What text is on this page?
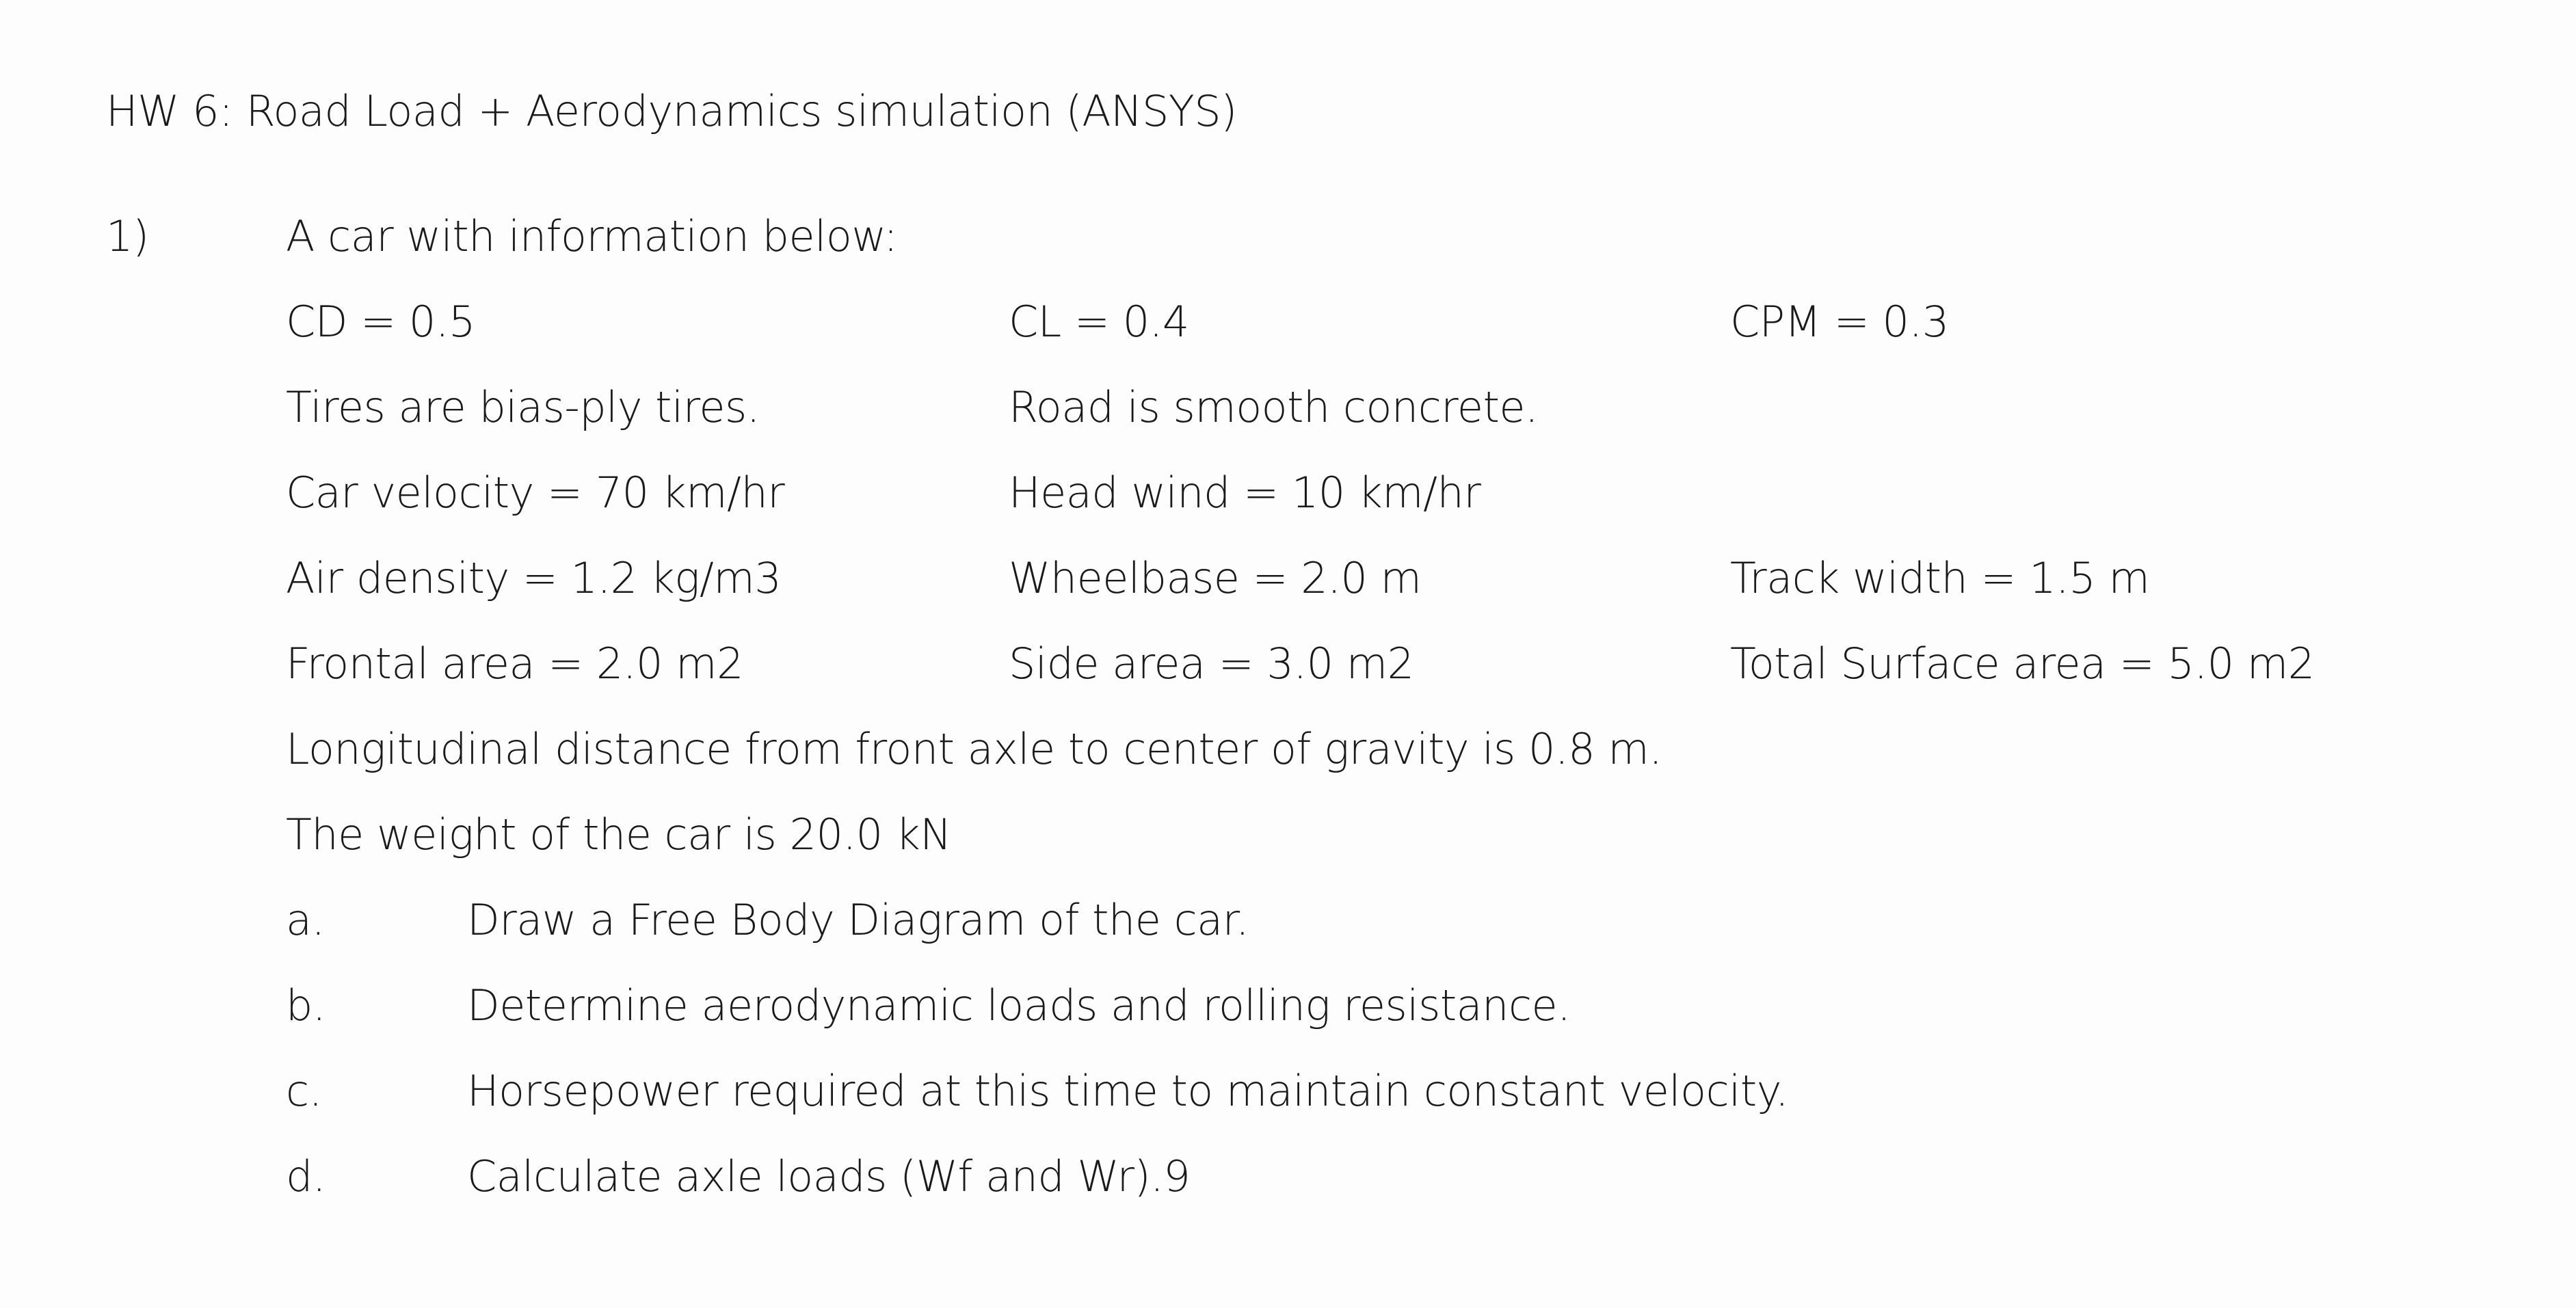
HW 6: Road Load + Aerodynamics simulation (ANSYS)
1)	A car with information below:
CD = 0.5	CL = 0.4	CPM = 0.3
Tires are bias-ply tires.	Road is smooth concrete.
Car velocity = 70 km/hr	Head wind = 10 km/hr
Air density = 1.2 kg/m3	Wheelbase = 2.0 m	Track width = 1.5 m
Frontal area = 2.0 m2	Side area = 3.0 m2	Total Surface area = 5.0 m2
Longitudinal distance from front axle to center of gravity is 0.8 m.
The weight of the car is 20.0 kN
a.	Draw a Free Body Diagram of the car.
b.	Determine aerodynamic loads and rolling resistance.
c.	Horsepower required at this time to maintain constant velocity.
d.	Calculate axle loads (Wf and Wr).9
